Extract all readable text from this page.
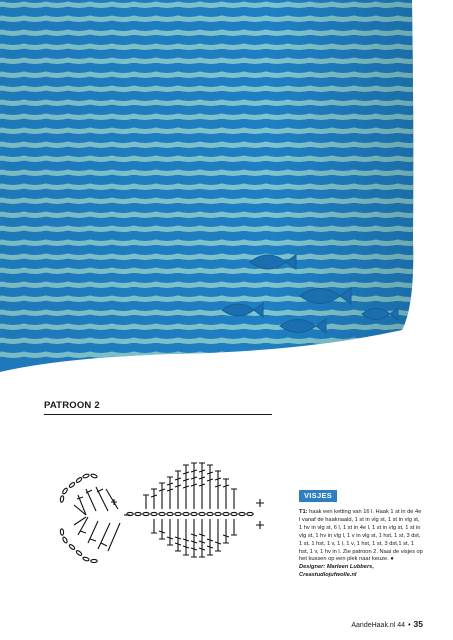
PATROON 2
VISJES
T1: haak een ketting van 16 l. Haak 1 st in de 4e l vanaf de haaknaald, 1 st in vlg st, 1 st in vlg st, 1 hv in vlg st, 6 l, 1 st in 4e l, 1 st in vlg st, 1 st in vlg st, 1 hv in vlg l, 1 v in vlg st, 1 hst, 1 st, 3 dst, 1 st, 1 hst, 1 v, 1 l, 1 v, 1 hst, 1 st, 3 dst,1 st, 1 hst, 1 v, 1 hv in l. Zie patroon 2. Naai de visjes op het kussen op een plek naar keuze. ●
Designer: Marleen Lubbers,
Creastudiojufwolle.nl
AandeHaak.nl 44 • 35
